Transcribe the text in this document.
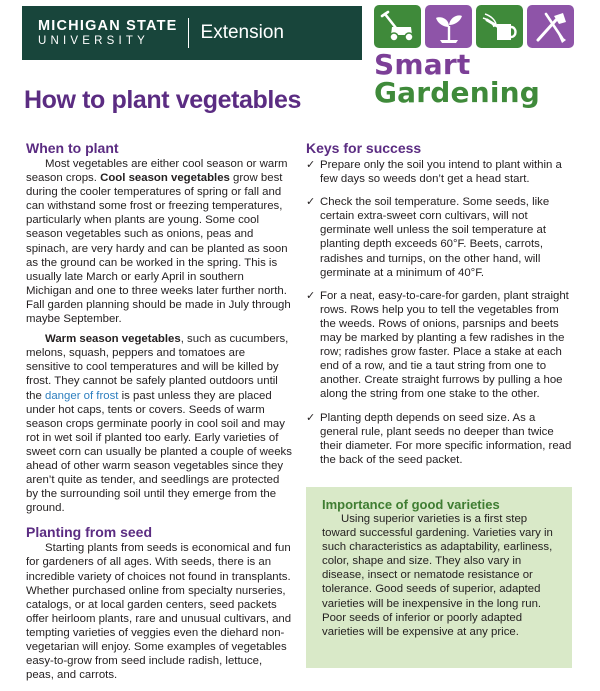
MICHIGAN STATE
UNIVERSITY	Extension
Smart Gardening
How to plant vegetables
When to plant

Most vegetables are either cool season or warm season crops. Cool season vegetables grow best during the cooler temperatures of spring or fall and can withstand some frost or freezing temperatures, particularly when plants are young. Some cool season vegetables such as onions, peas and spinach, are very hardy and can be planted as soon as the ground can be worked in the spring. This is usually late March or early April in southern Michigan and one to three weeks later further north. Fall garden planning should be made in July through maybe September.

Warm season vegetables, such as cucumbers, melons, squash, peppers and tomatoes are sensitive to cool temperatures and will be killed by frost. They cannot be safely planted outdoors until the danger of frost is past unless they are placed under hot caps, tents or covers. Seeds of warm season crops germinate poorly in cool soil and may rot in wet soil if planted too early. Early varieties of sweet corn can usually be planted a couple of weeks ahead of other warm season vegetables since they aren’t quite as tender, and seedlings are protected by the surrounding soil until they emerge from the ground.

Planting from seed

Starting plants from seeds is economical and fun for gardeners of all ages. With seeds, there is an incredible variety of choices not found in transplants. Whether purchased online from specialty nurseries, catalogs, or at local garden centers, seed packets offer heirloom plants, rare and unusual cultivars, and tempting varieties of veggies even the diehard non-vegetarian will enjoy. Some examples of vegetables easy-to-grow from seed include radish, lettuce, peas, and carrots.

Keys for success
✓ Prepare only the soil you intend to plant within a few days so weeds don’t get a head start.
✓ Check the soil temperature. Some seeds, like certain extra-sweet corn cultivars, will not germinate well unless the soil temperature at planting depth exceeds 60°F. Beets, carrots, radishes and turnips, on the other hand, will germinate at a minimum of 40°F.
✓ For a neat, easy-to-care-for garden, plant straight rows. Rows help you to tell the vegetables from the weeds. Rows of onions, parsnips and beets may be marked by planting a few radishes in the row; radishes grow faster. Place a stake at each end of a row, and tie a taut string from one to another. Create straight furrows by pulling a hoe along the string from one stake to the other.
✓ Planting depth depends on seed size. As a general rule, plant seeds no deeper than twice their diameter. For more specific information, read the back of the seed packet.
Importance of good varieties

Using superior varieties is a first step toward successful gardening. Varieties vary in such characteristics as adaptability, earliness, color, shape and size. They also vary in disease, insect or nematode resistance or tolerance. Good seeds of superior, adapted varieties will be inexpensive in the long run. Poor seeds of inferior or poorly adapted varieties will be expensive at any price.
